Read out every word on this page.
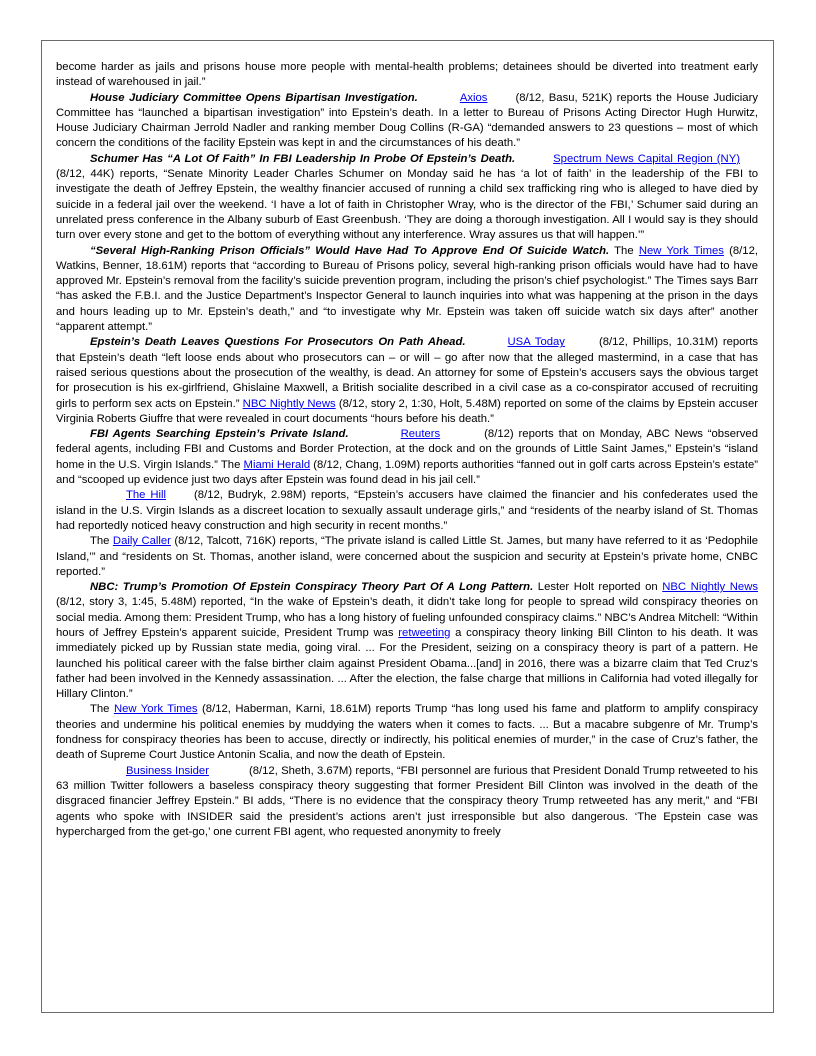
become harder as jails and prisons house more people with mental-health problems; detainees should be diverted into treatment early instead of warehoused in jail.”

House Judiciary Committee Opens Bipartisan Investigation.	Axios (8/12, Basu, 521K) reports the House Judiciary Committee has “launched a bipartisan investigation” into Epstein’s death. In a letter to Bureau of Prisons Acting Director Hugh Hurwitz, House Judiciary Chairman Jerrold Nadler and ranking member Doug Collins (R-GA) “demanded answers to 23 questions – most of which concern the conditions of the facility Epstein was kept in and the circumstances of his death.”

Schumer Has “A Lot Of Faith” In FBI Leadership In Probe Of Epstein’s Death.	Spectrum News Capital Region (NY)(8/12, 44K) reports, “Senate Minority Leader Charles Schumer on Monday said he has ‘a lot of faith’ in the leadership of the FBI to investigate the death of Jeffrey Epstein, the wealthy financier accused of running a child sex trafficking ring who is alleged to have died by suicide in a federal jail over the weekend. ‘I have a lot of faith in Christopher Wray, who is the director of the FBI,’ Schumer said during an unrelated press conference in the Albany suburb of East Greenbush. ‘They are doing a thorough investigation. All I would say is they should turn over every stone and get to the bottom of everything without any interference. Wray assures us that will happen.’”

“Several High-Ranking Prison Officials” Would Have Had To Approve End Of Suicide Watch. The New York Times (8/12, Watkins, Benner, 18.61M) reports that “according to Bureau of Prisons policy, several high-ranking prison officials would have had to have approved Mr. Epstein’s removal from the facility’s suicide prevention program, including the prison’s chief psychologist.” The Times says Barr “has asked the F.B.I. and the Justice Department’s Inspector General to launch inquiries into what was happening at the prison in the days and hours leading up to Mr. Epstein’s death,” and “to investigate why Mr. Epstein was taken off suicide watch six days after” another “apparent attempt.”

Epstein’s Death Leaves Questions For Prosecutors On Path Ahead.	USA Today	(8/12, Phillips, 10.31M) reports that Epstein’s death “left loose ends about who prosecutors can – or will – go after now that the alleged mastermind, in a case that has raised serious questions about the prosecution of the wealthy, is dead. An attorney for some of Epstein’s accusers says the obvious target for prosecution is his ex-girlfriend, Ghislaine Maxwell, a British socialite described in a civil case as a co-conspirator accused of recruiting girls to perform sex acts on Epstein.” NBC Nightly News (8/12, story 2, 1:30, Holt, 5.48M) reported on some of the claims by Epstein accuser Virginia Roberts Giuffre that were revealed in court documents “hours before his death.”

FBI Agents Searching Epstein’s Private Island.	Reuters	(8/12) reports that on Monday, ABC News “observed federal agents, including FBI and Customs and Border Protection, at the dock and on the grounds of Little Saint James,” Epstein’s “island home in the U.S. Virgin Islands.” The Miami Herald (8/12, Chang, 1.09M) reports authorities “fanned out in golf carts across Epstein’s estate” and “scooped up evidence just two days after Epstein was found dead in his jail cell.”

The Hill (8/12, Budryk, 2.98M) reports, “Epstein’s accusers have claimed the financier and his confederates used the island in the U.S. Virgin Islands as a discreet location to sexually assault underage girls,” and “residents of the nearby island of St. Thomas had reportedly noticed heavy construction and high security in recent months.”

The Daily Caller (8/12, Talcott, 716K) reports, “The private island is called Little St. James, but many have referred to it as ‘Pedophile Island,’” and “residents on St. Thomas, another island, were concerned about the suspicion and security at Epstein’s private home, CNBC reported.”

NBC: Trump’s Promotion Of Epstein Conspiracy Theory Part Of A Long Pattern. Lester Holt reported on NBC Nightly News (8/12, story 3, 1:45, 5.48M) reported, “In the wake of Epstein’s death, it didn’t take long for people to spread wild conspiracy theories on social media. Among them: President Trump, who has a long history of fueling unfounded conspiracy claims.” NBC’s Andrea Mitchell: “Within hours of Jeffrey Epstein’s apparent suicide, President Trump was retweeting a conspiracy theory linking Bill Clinton to his death. It was immediately picked up by Russian state media, going viral. ... For the President, seizing on a conspiracy theory is part of a pattern. He launched his political career with the false birther claim against President Obama...[and] in 2016, there was a bizarre claim that Ted Cruz’s father had been involved in the Kennedy assassination. ... After the election, the false charge that millions in California had voted illegally for Hillary Clinton.”

The New York Times (8/12, Haberman, Karni, 18.61M) reports Trump “has long used his fame and platform to amplify conspiracy theories and undermine his political enemies by muddying the waters when it comes to facts. ... But a macabre subgenre of Mr. Trump’s fondness for conspiracy theories has been to accuse, directly or indirectly, his political enemies of murder,” in the case of Cruz’s father, the death of Supreme Court Justice Antonin Scalia, and now the death of Epstein.

Business Insider	(8/12, Sheth, 3.67M) reports, “FBI personnel are furious that President Donald Trump retweeted to his 63 million Twitter followers a baseless conspiracy theory suggesting that former President Bill Clinton was involved in the death of the disgraced financier Jeffrey Epstein.” BI adds, “There is no evidence that the conspiracy theory Trump retweeted has any merit,” and “FBI agents who spoke with INSIDER said the president’s actions aren’t just irresponsible but also dangerous. ‘The Epstein case was hypercharged from the get-go,’ one current FBI agent, who requested anonymity to freely
